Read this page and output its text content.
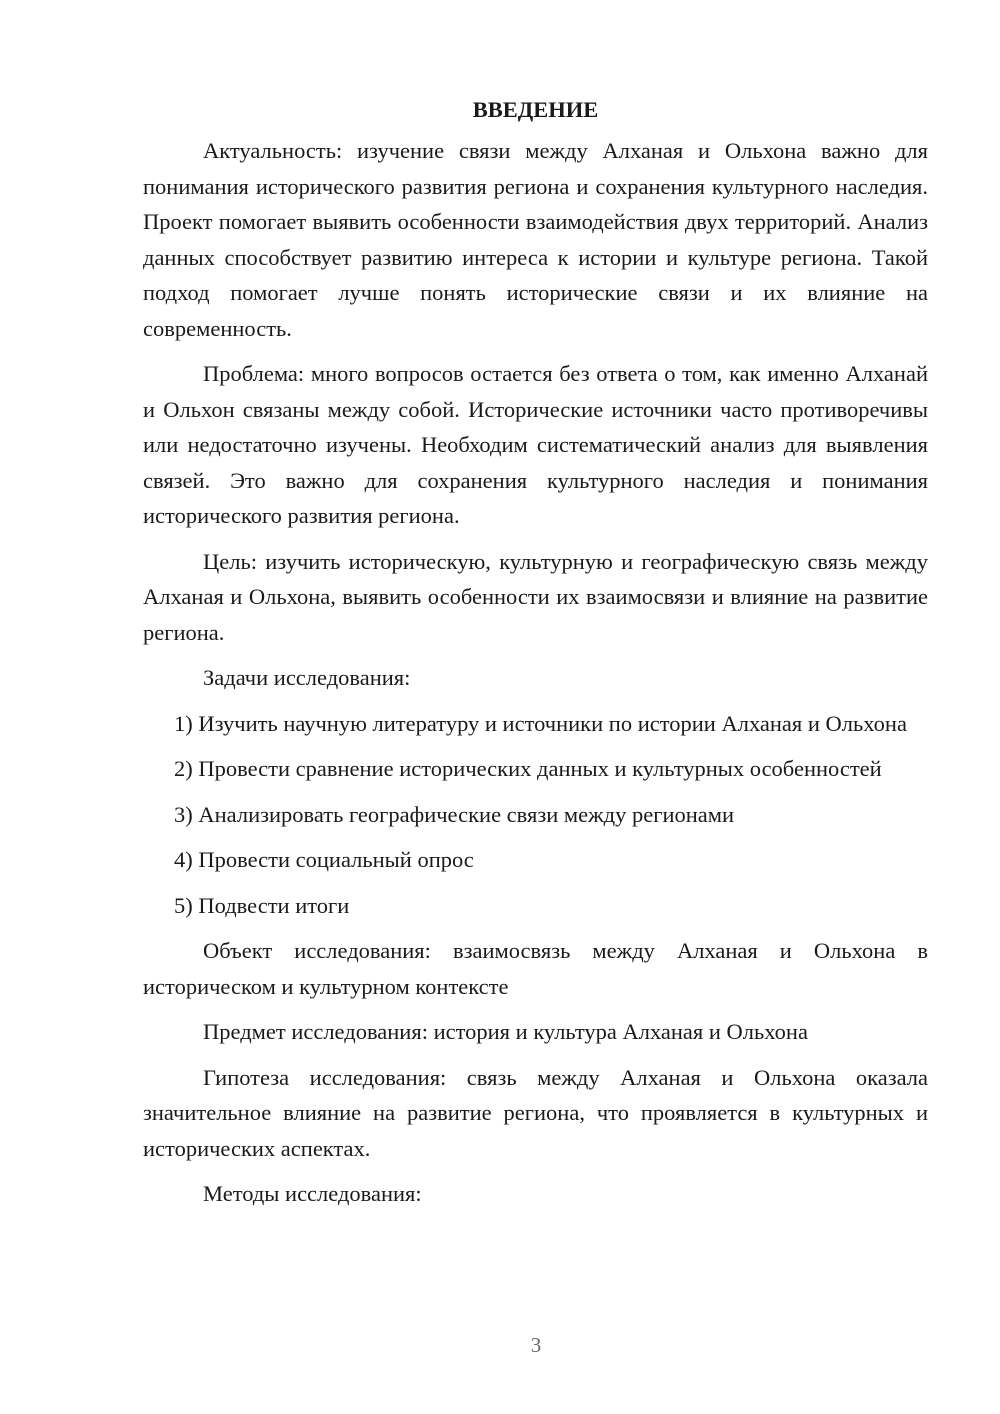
ВВЕДЕНИЕ

Актуальность: изучение связи между Алханая и Ольхона важно для понимания исторического развития региона и сохранения культурного наследия. Проект помогает выявить особенности взаимодействия двух территорий. Анализ данных способствует развитию интереса к истории и культуре региона. Такой подход помогает лучше понять исторические связи и их влияние на современность.

Проблема: много вопросов остается без ответа о том, как именно Алханай и Ольхон связаны между собой. Исторические источники часто противоречивы или недостаточно изучены. Необходим систематический анализ для выявления связей. Это важно для сохранения культурного наследия и понимания исторического развития региона.

Цель: изучить историческую, культурную и географическую связь между Алханая и Ольхона, выявить особенности их взаимосвязи и влияние на развитие региона.

Задачи исследования:

1) Изучить научную литературу и источники по истории Алханая и Ольхона

2) Провести сравнение исторических данных и культурных особенностей

3) Анализировать географические связи между регионами

4) Провести социальный опрос

5) Подвести итоги

Объект исследования: взаимосвязь между Алханая и Ольхона в историческом и культурном контексте

Предмет исследования: история и культура Алханая и Ольхона

Гипотеза исследования: связь между Алханая и Ольхона оказала значительное влияние на развитие региона, что проявляется в культурных и исторических аспектах.

Методы исследования:

3
